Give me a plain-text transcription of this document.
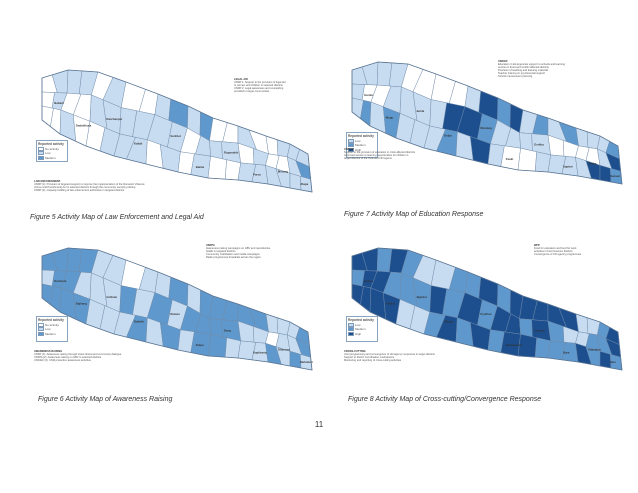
Baitadi
Dadeldhura
Kanchanpur
Kailali
Surkhet
Banke
Rupandehi
Parsa
Morang
Jhapa
LEGAL AID
UNDP 1: Support to the provision of legal aid
to women and children in selected districts
UNDP 2: Legal awareness and counselling
provided in target communities
Reported activity
No activity
Low
Medium
LAW ENFORCEMENT
UNDP (1): Provision of targeted support to improve the implementation of the Domestic Violence
(Crime and Punishment) Act in selected districts through the community security policing
UNDP (2): Capacity building of law enforcement authorities in targeted districts
Figure 5 Activity Map of Law Enforcement and Legal Aid
Humla
Mugu
Jumla
Dolpa
Mustang
Kaski
Gorkha
Saptari
Siraha
Sunsari
UNICEF
Education in Emergencies support to schools and learning
centres in flood and conflict affected districts
Provision of teaching and learning materials
Teacher training on psychosocial support
School improvement planning
Reported activity
Low
Medium
High
UNICEF
Support to the provision of education in crisis affected districts
Improved access to learning opportunities for children in
target districts of the Terai and hill regions
Figure 7 Activity Map of Education Response
Darchula
Bajhang
Achham
Dailekh
Rukum
Rolpa
Dang
Kapilvastu
Dhanusa
Mahottari
UNFPA
Awareness raising campaigns on GBV and reproductive
health in targeted districts
Community mobilisation and media campaigns
Radio programmes broadcast across the region
Reported activity
No activity
Low
Medium
AWARENESS RAISING
UNDP (1): Awareness raising through street drama and community dialogue
UNFPA (2): Awareness raising on GBV in selected districts
UNICEF (3): Child protection awareness activities
Figure 6 Activity Map of Awareness Raising
Bajura
Kalikot
Jajarkot
Salyan
Pyuthan
Nawalparasi
Chitwan
Bara
Udayapur
Ilam
WFP
Food for education and food for work
activities in food insecure districts
Convergence of UN agency programmes
Reported activity
Low
Medium
High
CROSS-CUTTING
Joint programming and convergence of UN agency responses in target districts
Support to district coordination mechanisms
Monitoring and reporting of cross-cutting activities
Figure 8 Activity Map of Cross-cutting/Convergence Response
11
